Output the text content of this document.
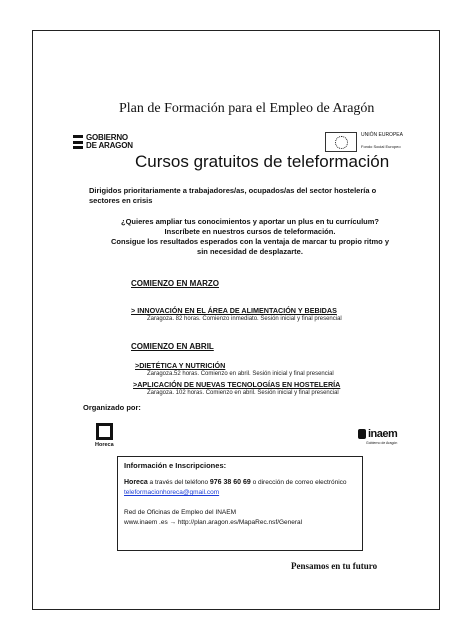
Plan de Formación para el Empleo de Aragón
GOBIERNO
DE ARAGON
UNIÓN EUROPEA
Fondo Social Europeo
Cursos gratuitos de teleformación
Dirigidos prioritariamente a trabajadores/as, ocupados/as del sector hostelería o sectores en crisis
¿Quieres ampliar tus conocimientos y aportar un plus en tu currículum?
Inscríbete en nuestros cursos de teleformación.
Consigue los resultados esperados con la ventaja de marcar tu propio ritmo y sin necesidad de desplazarte.
COMIENZO EN MARZO
> INNOVACIÓN EN EL ÁREA DE ALIMENTACIÓN Y BEBIDAS
Zaragoza. 82 horas. Comienzo inmediato. Sesión inicial y final presencial
COMIENZO EN ABRIL
>DIETÉTICA Y NUTRICIÓN
Zaragoza.52 horas. Comienzo en abril. Sesión inicial y final presencial
>APLICACIÓN DE NUEVAS TECNOLOGÍAS EN HOSTELERÍA
Zaragoza. 102 horas. Comienzo en abril. Sesión inicial y final presencial
Organizado por:
Horeca
inaem
Gobierno de Aragón
Información e Inscripciones:
Horeca a través del teléfono 976 38 60 69 o dirección de correo electrónico
teleformacionhoreca@gmail.com
Red de Oficinas de Empleo del INAEM
www.inaem .es → http://plan.aragon.es/MapaRec.nsf/General
Pensamos en tu futuro
